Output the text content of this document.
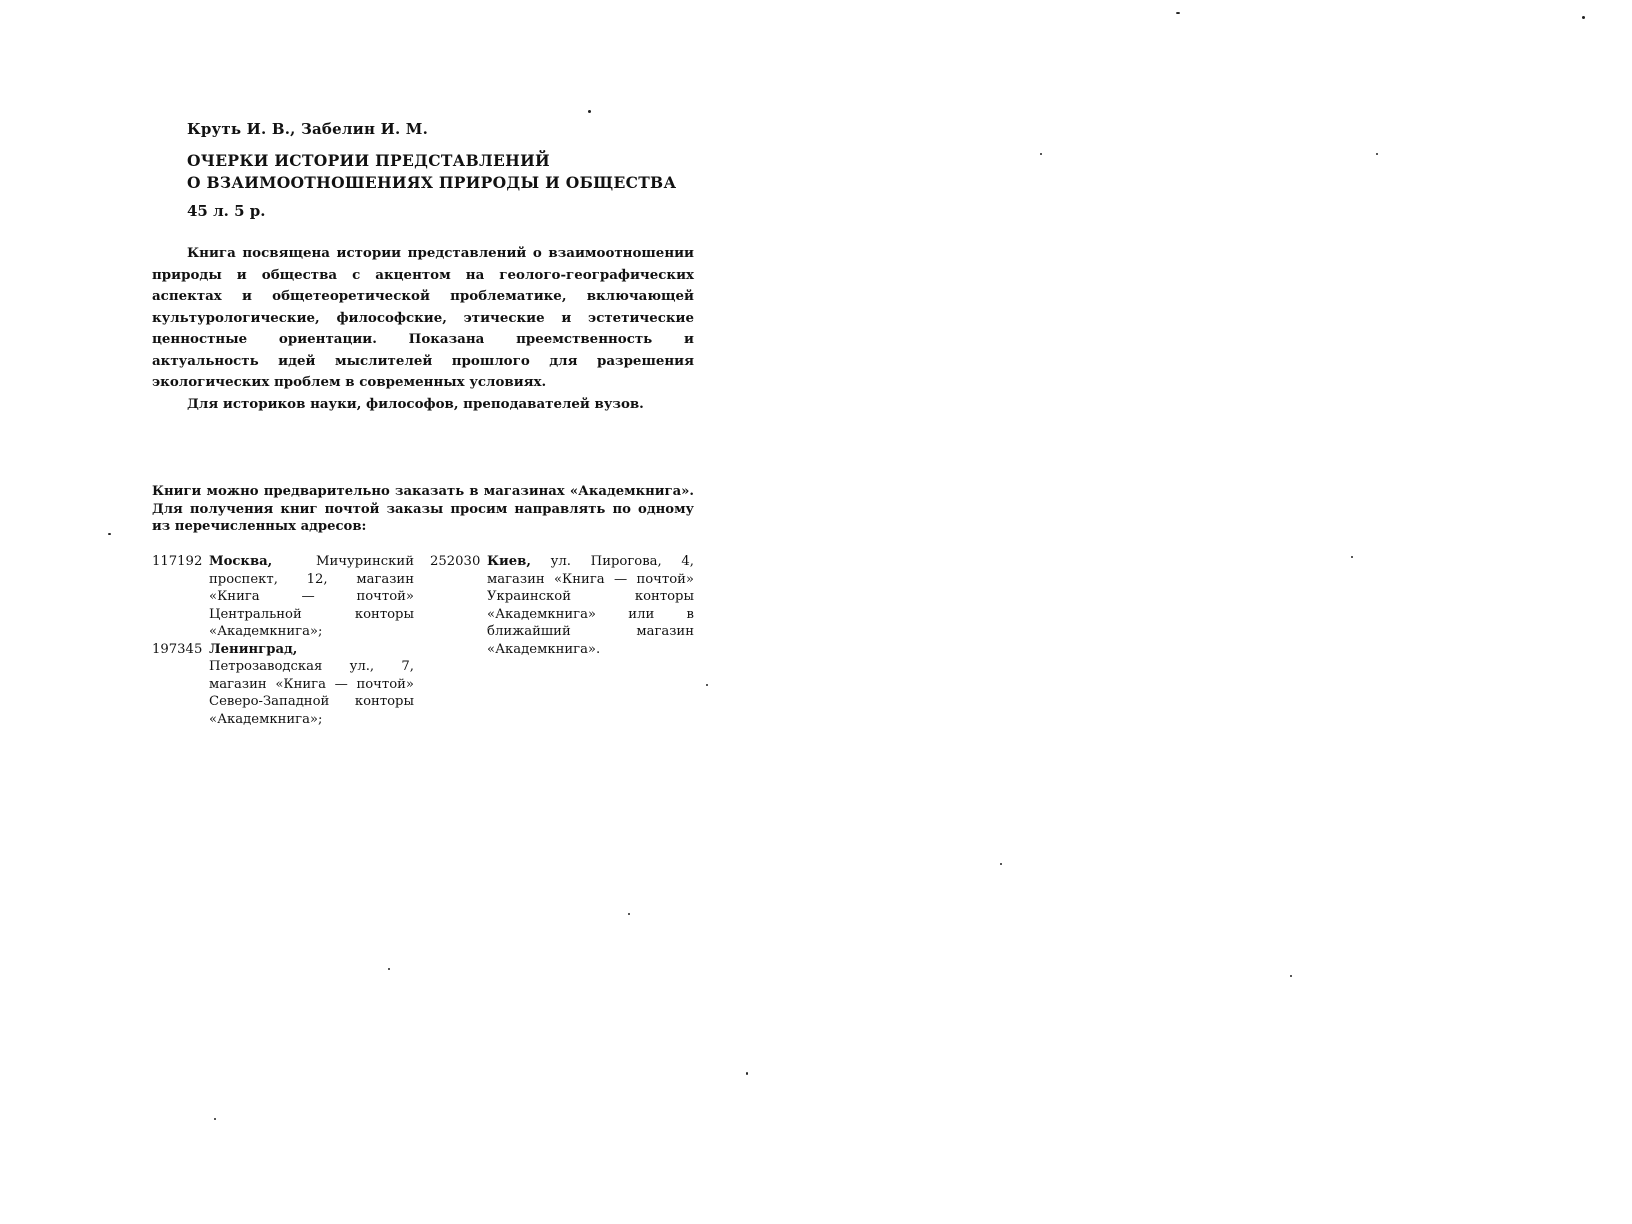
Круть И. В., Забелин И. М.
ОЧЕРКИ ИСТОРИИ ПРЕДСТАВЛЕНИЙ
О ВЗАИМООТНОШЕНИЯХ ПРИРОДЫ И ОБЩЕСТВА
45 л. 5 р.

Книга посвящена истории представлений о взаимоотношении природы и общества с акцентом на геолого-географических аспектах и общетеоретической проблематике, включающей культурологические, философские, этические и эстетические ценностные ориентации. Показана преемственность и актуальность идей мыслителей прошлого для разрешения экологических проблем в современных условиях.

Для историков науки, философов, преподавателей вузов.

Книги можно предварительно заказать в магазинах «Академкнига». Для получения книг почтой заказы просим направлять по одному из перечисленных адресов:
117192 Москва,	Мичуринский проспект, 12, магазин «Книга — почтой» Центральной конторы «Академкнига»;
197345 Ленинград, Петрозаводская ул., 7, магазин «Книга — почтой» Северо-Западной конторы «Академкнига»;
252030 Киев, ул. Пирогова, 4, магазин «Книга — почтой» Украинской конторы «Академкнига» или в ближайший магазин «Академкнига».
